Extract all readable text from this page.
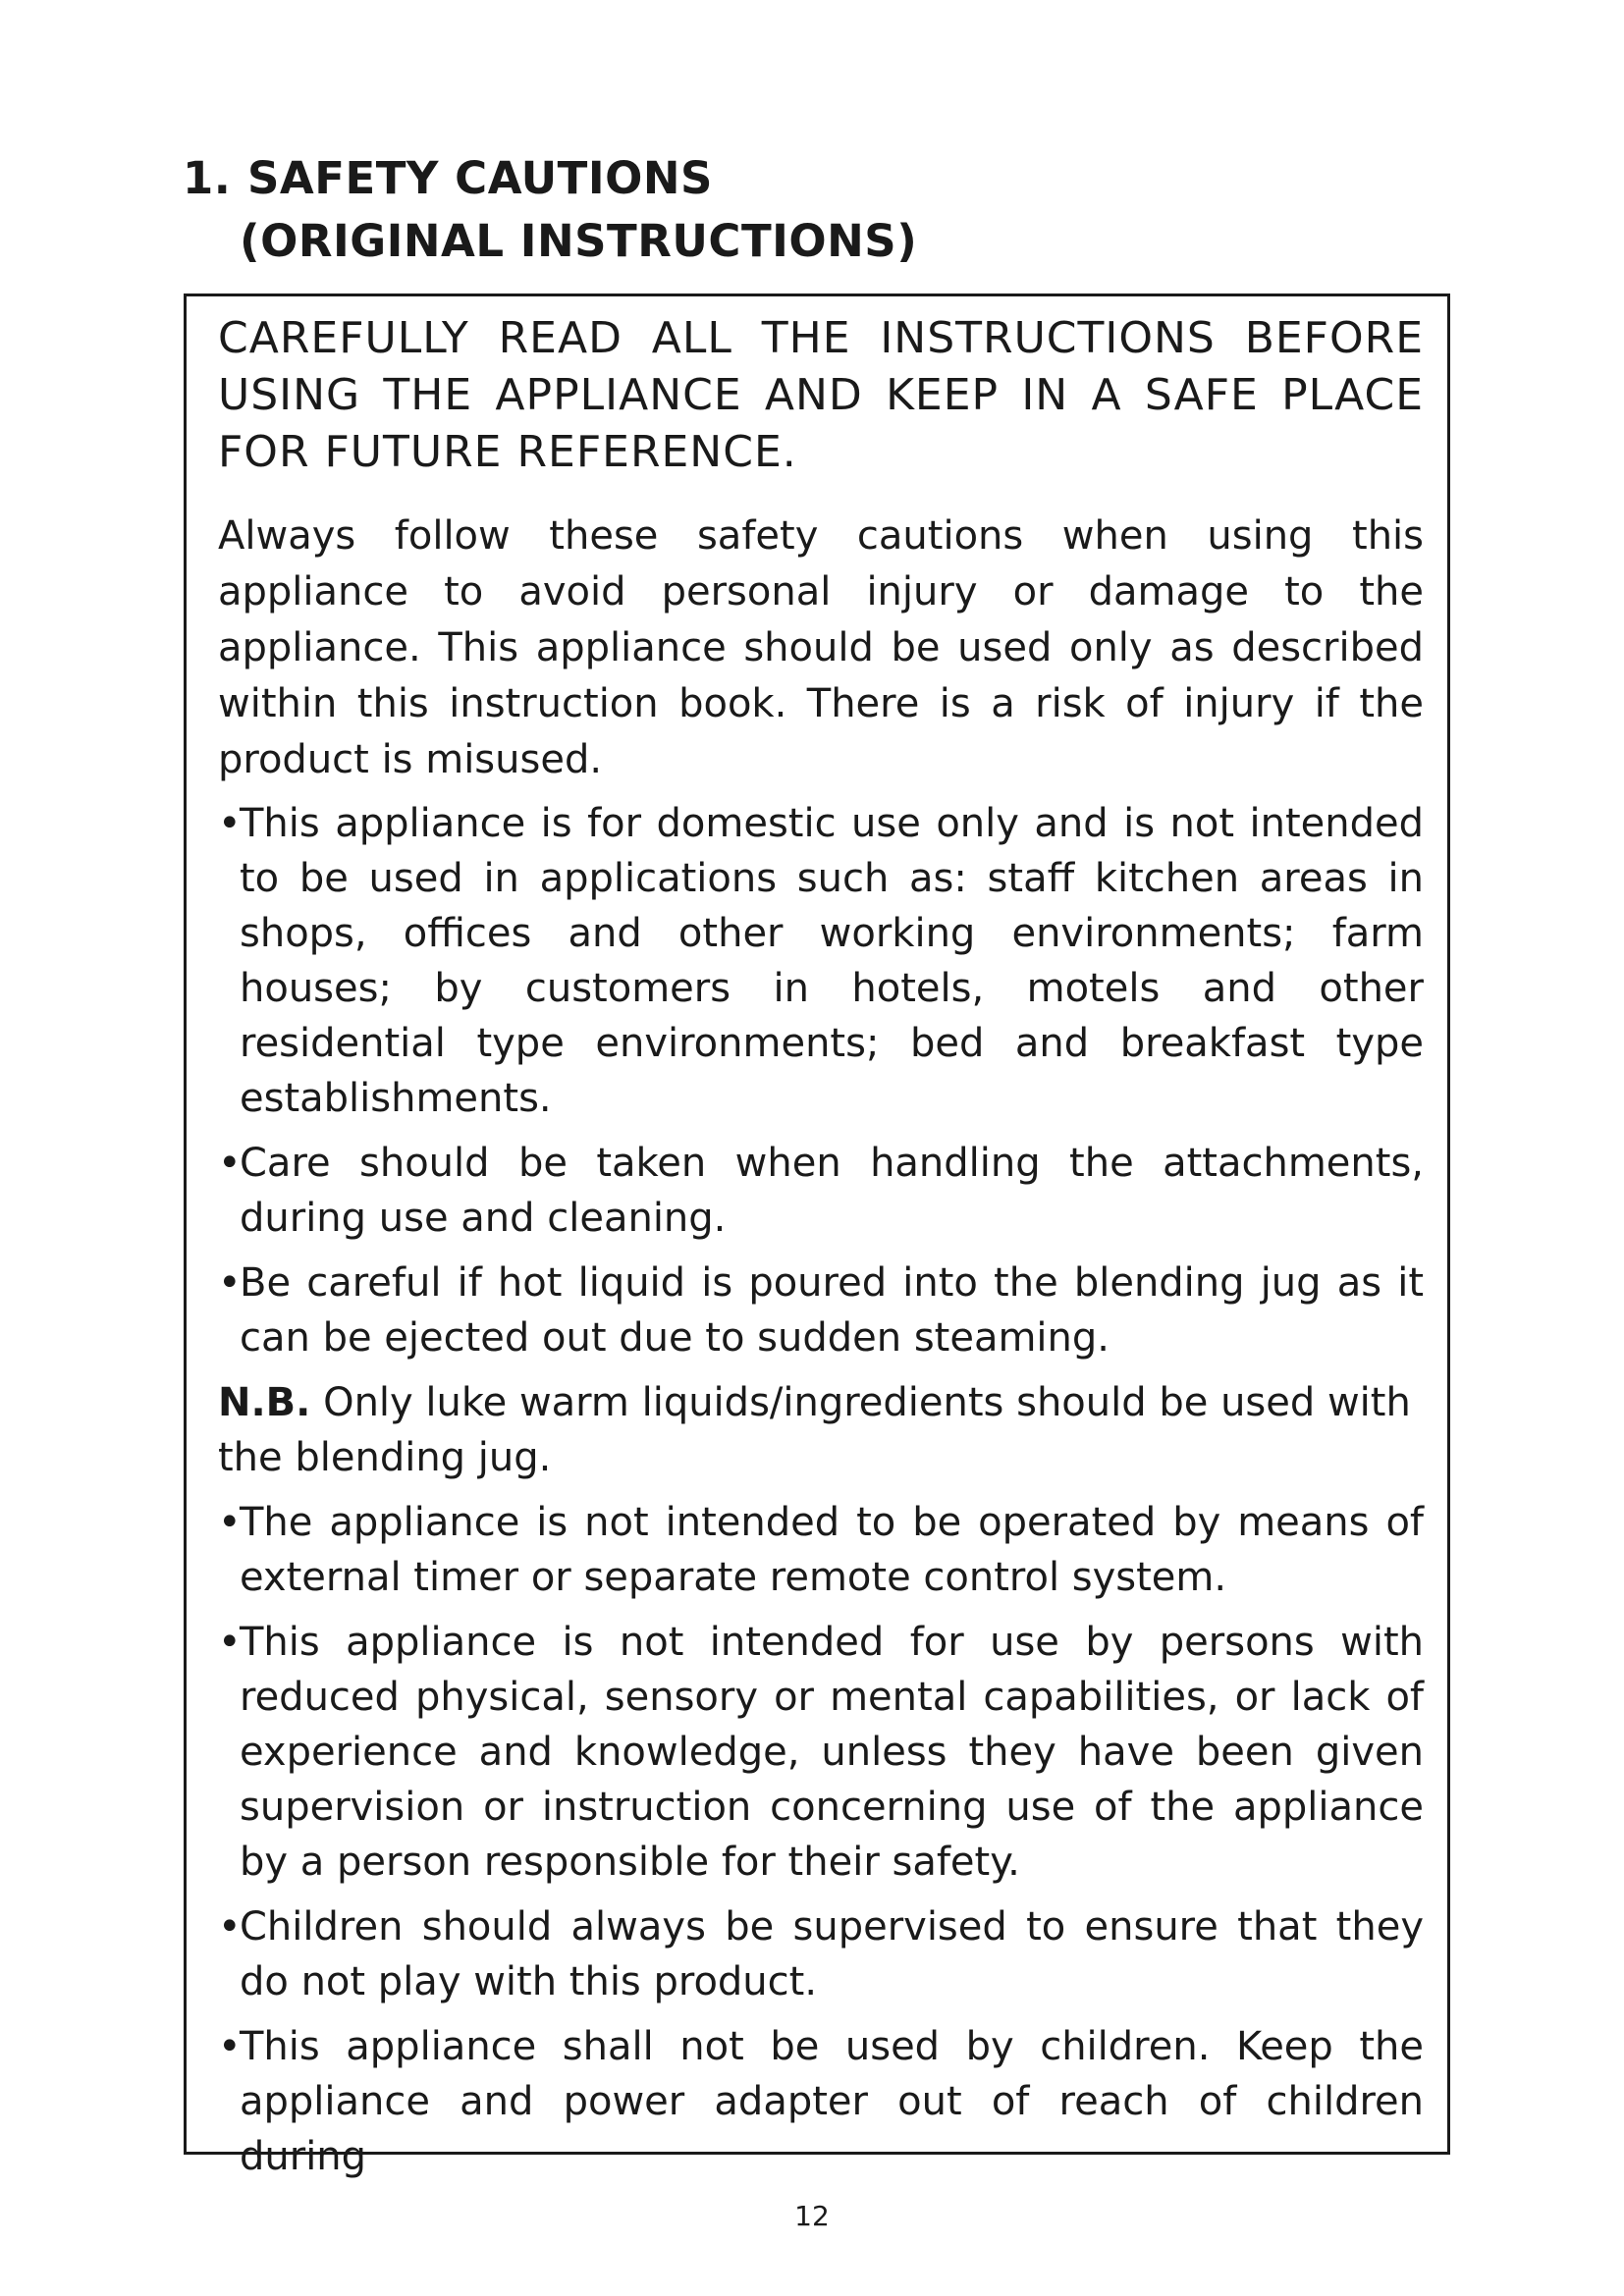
1. SAFETY CAUTIONS
(ORIGINAL INSTRUCTIONS)

CAREFULLY READ ALL THE INSTRUCTIONS BEFORE USING THE APPLIANCE AND KEEP IN A SAFE PLACE FOR FUTURE REFERENCE.

Always follow these safety cautions when using this appliance to avoid personal injury or damage to the appliance. This appliance should be used only as described within this instruction book. There is a risk of injury if the product is misused.

•
This appliance is for domestic use only and is not intended to be used in applications such as: staff kitchen areas in shops, offices and other working environments; farm houses; by customers in hotels, motels and other residential type environments; bed and breakfast type establishments.
•
Care should be taken when handling the attachments, during use and cleaning.
•
Be careful if hot liquid is poured into the blending jug as it can be ejected out due to sudden steaming.

N.B. Only luke warm liquids/ingredients should be used with the blending jug.

•
The appliance is not intended to be operated by means of external timer or separate remote control system.
•
This appliance is not intended for use by persons with reduced physical, sensory or mental capabilities, or lack of experience and knowledge, unless they have been given supervision or instruction concerning use of the appliance by a person responsible for their safety.
•
Children should always be supervised to ensure that they do not play with this product.
•
This appliance shall not be used by children. Keep the appliance and power adapter out of reach of children during
12
